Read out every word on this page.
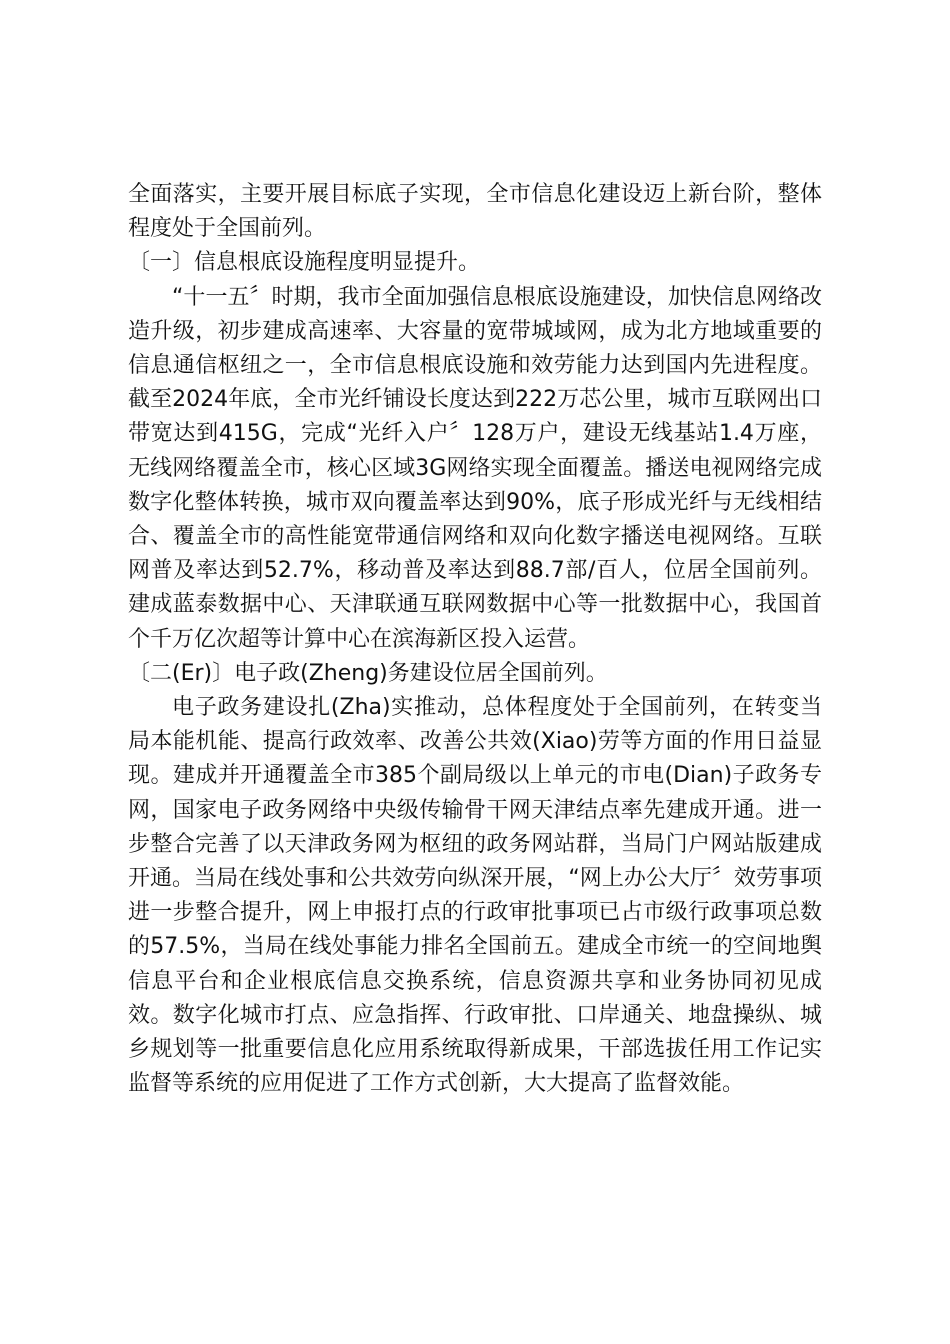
全面落实，主要开展目标底子实现，全市信息化建设迈上新台阶，整体程度处于全国前列。

〔一〕信息根底设施程度明显提升。

“十一五〞时期，我市全面加强信息根底设施建设，加快信息网络改造升级，初步建成高速率、大容量的宽带城域网，成为北方地域重要的信息通信枢纽之一，全市信息根底设施和效劳能力达到国内先进程度。截至2024年底，全市光纤铺设长度达到222万芯公里，城市互联网出口带宽达到415G，完成“光纤入户〞128万户，建设无线基站1.4万座，无线网络覆盖全市，核心区域3G网络实现全面覆盖。播送电视网络完成数字化整体转换，城市双向覆盖率达到90%，底子形成光纤与无线相结合、覆盖全市的高性能宽带通信网络和双向化数字播送电视网络。互联网普及率达到52.7%，移动普及率达到88.7部/百人，位居全国前列。建成蓝泰数据中心、天津联通互联网数据中心等一批数据中心，我国首个千万亿次超等计算中心在滨海新区投入运营。

〔二(Er)〕电子政(Zheng)务建设位居全国前列。

电子政务建设扎(Zha)实推动，总体程度处于全国前列，在转变当局本能机能、提高行政效率、改善公共效(Xiao)劳等方面的作用日益显现。建成并开通覆盖全市385个副局级以上单元的市电(Dian)子政务专网，国家电子政务网络中央级传输骨干网天津结点率先建成开通。进一步整合完善了以天津政务网为枢纽的政务网站群，当局门户网站版建成开通。当局在线处事和公共效劳向纵深开展，“网上办公大厅〞效劳事项进一步整合提升，网上申报打点的行政审批事项已占市级行政事项总数的57.5%，当局在线处事能力排名全国前五。建成全市统一的空间地舆信息平台和企业根底信息交换系统，信息资源共享和业务协同初见成效。数字化城市打点、应急指挥、行政审批、口岸通关、地盘操纵、城乡规划等一批重要信息化应用系统取得新成果，干部选拔任用工作记实监督等系统的应用促进了工作方式创新，大大提高了监督效能。
